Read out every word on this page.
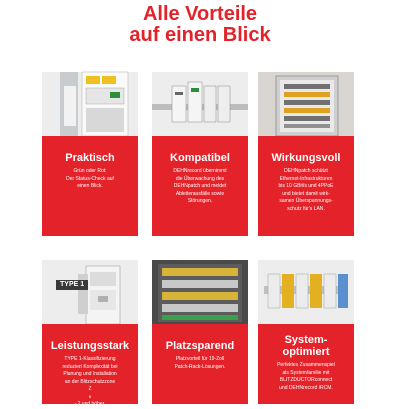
Alle Vorteile
auf einen Blick
Praktisch
Grün oder Rot:
Der Status-Check auf
einen Blick.
Kompatibel
DEHNrecord übernimmt
die Überwachung des
DEHNpatch und meldet
Ableiterausfälle sowie
Störungen.
Wirkungsvoll
DEHNpatch schützt
Ethernet-Infrastrukturen
bis 10 GBit/s und 4PPoE
und bietet damit wirk-
samen Überspannungs-
schutz für's LAN.
TYPE 1
Leistungsstark
TYPE 1-Klassifizierung
reduziert Komplexität bei
Planung und Installation
an der Blitzschutzzone
Z
B
- 2 und höher.
Platzsparend
Platzvorteil für 19-Zoll
Patch-Rack-Lösungen.
System-
optimiert
Perfektes Zusammenspiel
als Systemfamilie mit
BLITZDUCTORconnect
und DEHNrecord IRCM.
